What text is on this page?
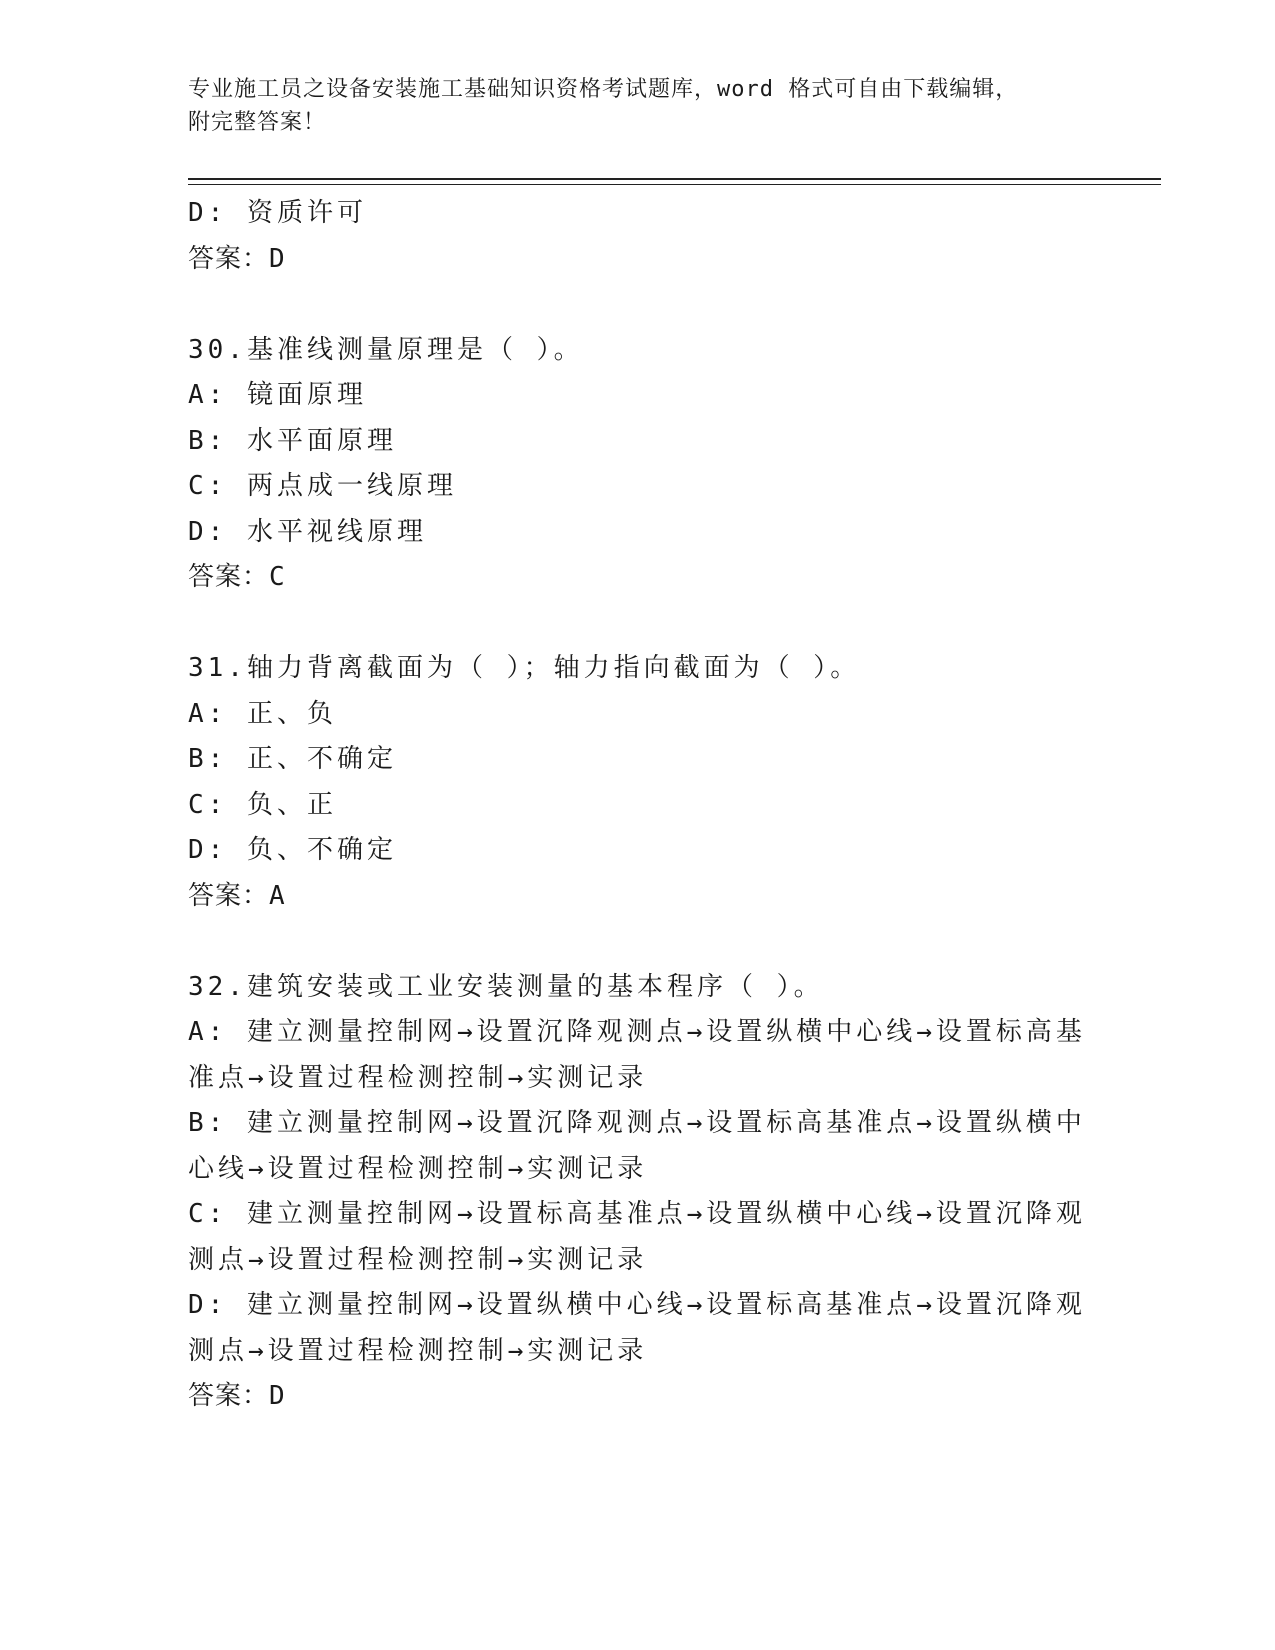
专业施工员之设备安装施工基础知识资格考试题库，word 格式可自由下载编辑，
附完整答案！
D: 资质许可
答案：D
30.基准线测量原理是（ ）。
A: 镜面原理
B: 水平面原理
C: 两点成一线原理
D: 水平视线原理
答案：C
31.轴力背离截面为（ ）；轴力指向截面为（ ）。
A: 正、负
B: 正、不确定
C: 负、正
D: 负、不确定
答案：A
32.建筑安装或工业安装测量的基本程序（ ）。
A: 建立测量控制网→设置沉降观测点→设置纵横中心线→设置标高基准点→设置过程检测控制→实测记录
B: 建立测量控制网→设置沉降观测点→设置标高基准点→设置纵横中心线→设置过程检测控制→实测记录
C: 建立测量控制网→设置标高基准点→设置纵横中心线→设置沉降观测点→设置过程检测控制→实测记录
D: 建立测量控制网→设置纵横中心线→设置标高基准点→设置沉降观测点→设置过程检测控制→实测记录
答案：D
